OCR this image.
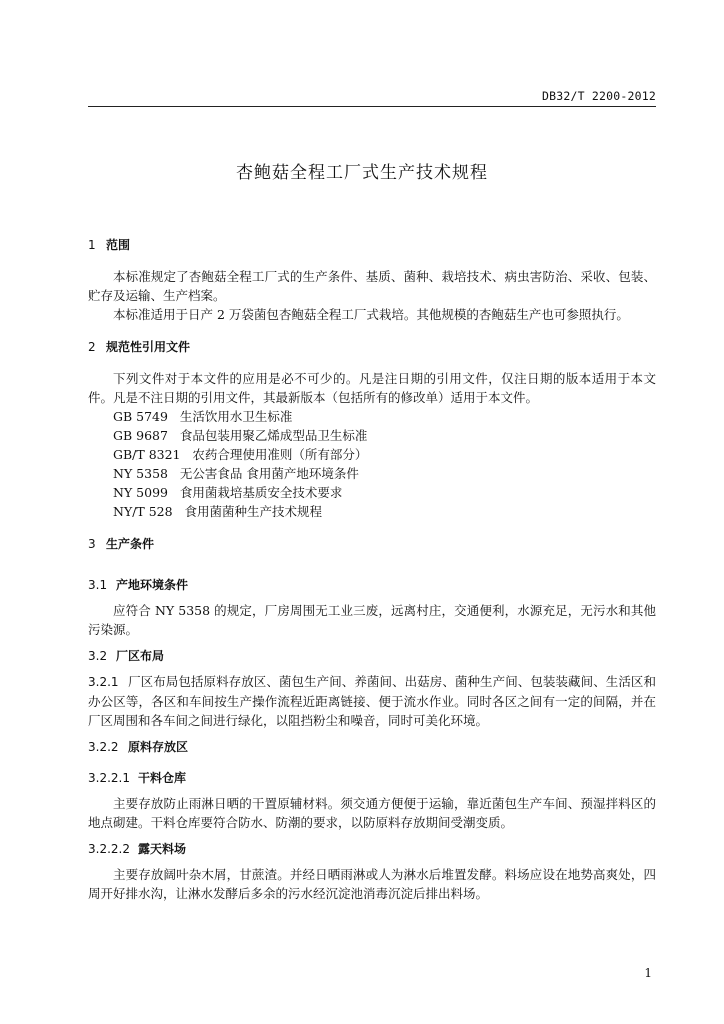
DB32/T 2200-2012
杏鲍菇全程工厂式生产技术规程

1 范围

本标准规定了杏鲍菇全程工厂式的生产条件、基质、菌种、栽培技术、病虫害防治、采收、包装、贮存及运输、生产档案。

本标准适用于日产 2 万袋菌包杏鲍菇全程工厂式栽培。其他规模的杏鲍菇生产也可参照执行。

2 规范性引用文件

下列文件对于本文件的应用是必不可少的。凡是注日期的引用文件，仅注日期的版本适用于本文件。凡是不注日期的引用文件，其最新版本（包括所有的修改单）适用于本文件。

GB 5749   生活饮用水卫生标准

GB 9687   食品包装用聚乙烯成型品卫生标准

GB/T 8321   农药合理使用准则（所有部分）

NY 5358   无公害食品 食用菌产地环境条件

NY 5099   食用菌栽培基质安全技术要求

NY/T 528   食用菌菌种生产技术规程

3 生产条件

3.1 产地环境条件

应符合 NY 5358 的规定，厂房周围无工业三废，远离村庄，交通便利，水源充足，无污水和其他污染源。

3.2 厂区布局

3.2.1 厂区布局包括原料存放区、菌包生产间、养菌间、出菇房、菌种生产间、包装装藏间、生活区和办公区等，各区和车间按生产操作流程近距离链接、便于流水作业。同时各区之间有一定的间隔，并在厂区周围和各车间之间进行绿化，以阻挡粉尘和噪音，同时可美化环境。

3.2.2 原料存放区

3.2.2.1 干料仓库

主要存放防止雨淋日晒的干置原辅材料。须交通方便便于运输，靠近菌包生产车间、预湿拌料区的地点砌建。干料仓库要符合防水、防潮的要求，以防原料存放期间受潮变质。

3.2.2.2 露天料场

主要存放阔叶杂木屑，甘蔗渣。并经日晒雨淋或人为淋水后堆置发酵。料场应设在地势高爽处，四周开好排水沟，让淋水发酵后多余的污水经沉淀池消毒沉淀后排出料场。

1
